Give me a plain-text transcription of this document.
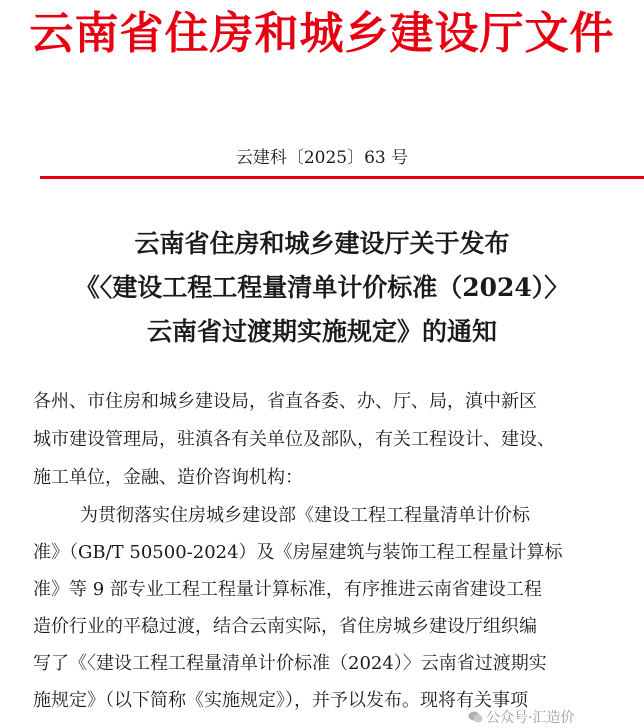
云南省住房和城乡建设厅文件
云建科〔2025〕63 号
云南省住房和城乡建设厅关于发布
《〈建设工程工程量清单计价标准（2024）〉
云南省过渡期实施规定》的通知
各州、市住房和城乡建设局，省直各委、办、厅、局，滇中新区
城市建设管理局，驻滇各有关单位及部队，有关工程设计、建设、
施工单位，金融、造价咨询机构：
为贯彻落实住房城乡建设部《建设工程工程量清单计价标
准》（GB/T 50500-2024）及《房屋建筑与装饰工程工程量计算标
准》等 9 部专业工程工程量计算标准，有序推进云南省建设工程
造价行业的平稳过渡，结合云南实际，省住房城乡建设厅组织编
写了《〈建设工程工程量清单计价标准（2024）〉云南省过渡期实
施规定》（以下简称《实施规定》），并予以发布。现将有关事项
公众号·汇造价
